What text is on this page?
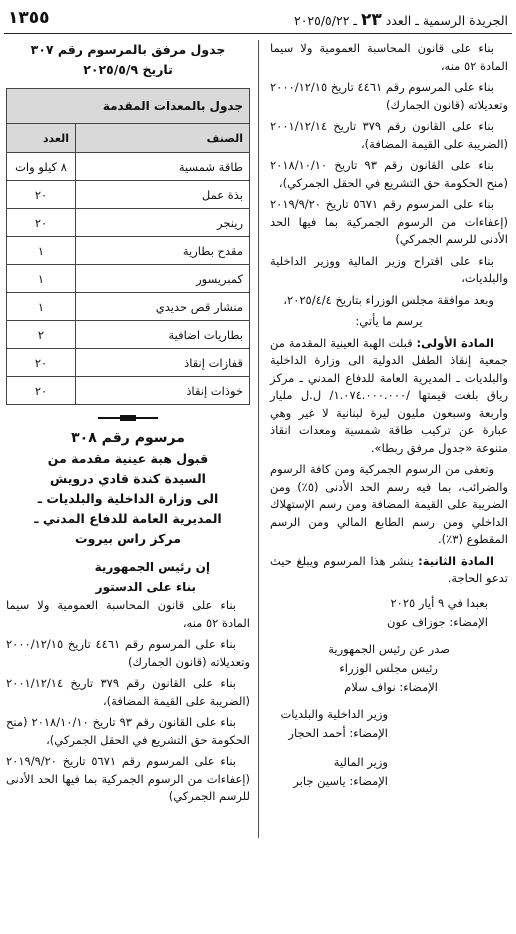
الجريدة الرسمية ـ العدد ٢٣ ـ ٢٠٢٥/٥/٢٢
١٣٥٥

بناء على قانون المحاسبة العمومية ولا سيما المادة ٥٢ منه،

بناء على المرسوم رقم ٤٤٦١ تاريخ ٢٠٠٠/١٢/١٥ وتعديلاته (قانون الجمارك)

بناء على القانون رقم ٣٧٩ تاريخ ٢٠٠١/١٢/١٤ (الضريبة على القيمة المضافة)،

بناء على القانون رقم ٩٣ تاريخ ٢٠١٨/١٠/١٠ (منح الحكومة حق التشريع في الحقل الجمركي)،

بناء على المرسوم رقم ٥٦٧١ تاريخ ٢٠١٩/٩/٢٠ (إعفاءات من الرسوم الجمركية بما فيها الحد الأدنى للرسم الجمركي)

بناء على اقتراح وزير المالية ووزير الداخلية والبلديات،

وبعد موافقة مجلس الوزراء بتاريخ ٢٠٢٥/٤/٤،

يرسم ما يأتي:

المادة الأولى: قبلت الهبة العينية المقدمة من جمعية إنقاذ الطفل الدولية الى وزارة الداخلية والبلديات ـ المديرية العامة للدفاع المدني ـ مركز رياق بلغت قيمتها /١.٠٧٤.٠٠٠.٠٠٠/ ل.ل مليار واربعة وسبعون مليون ليرة لبنانية لا غير وهي عبارة عن تركيب طاقة شمسية ومعدات انقاذ متنوعة «جدول مرفق ربطا».

وتعفى من الرسوم الجمركية ومن كافة الرسوم والضرائب، بما فيه رسم الحد الأدنى (٥٪) ومن الضريبة على القيمة المضافة ومن رسم الإستهلاك الداخلي ومن رسم الطابع المالي ومن الرسم المقطوع (٣٪).

المادة الثانية: ينشر هذا المرسوم ويبلغ حيث تدعو الحاجة.

بعبدا في ٩ أيار ٢٠٢٥
الإمضاء: جوزاف عون
صدر عن رئيس الجمهورية
رئيس مجلس الوزراء
الإمضاء: نواف سلام
وزير الداخلية والبلديات
الإمضاء: أحمد الحجار
وزير المالية
الإمضاء: ياسين جابر
جدول مرفق بالمرسوم رقم ٣٠٧
تاريخ ٢٠٢٥/٥/٩
جدول بالمعدات المقدمة	
الصنف	العدد
طاقة شمسية	٨ كيلو وات
بذة عمل	٢٠
رينجر	٢٠
مقدح بطارية	١
كمبريسور	١
منشار قص حديدي	١
بطاريات اضافية	٢
قفازات إنقاذ	٢٠
خوذات إنقاذ	٢٠
مرسوم رقم ٣٠٨
قبول هبة عينية مقدمة من
السيدة كندة قادي درويش
الى وزارة الداخلية والبلديات ـ
المديرية العامة للدفاع المدني ـ
مركز راس بيروت
إن رئيس الجمهورية
بناء على الدستور

بناء على قانون المحاسبة العمومية ولا سيما المادة ٥٢ منه،

بناء على المرسوم رقم ٤٤٦١ تاريخ ٢٠٠٠/١٢/١٥ وتعديلاته (قانون الجمارك)

بناء على القانون رقم ٣٧٩ تاريخ ٢٠٠١/١٢/١٤ (الضريبة على القيمة المضافة)،

بناء على القانون رقم ٩٣ تاريخ ٢٠١٨/١٠/١٠ (منح الحكومة حق التشريع في الحقل الجمركي)،

بناء على المرسوم رقم ٥٦٧١ تاريخ ٢٠١٩/٩/٢٠ (إعفاءات من الرسوم الجمركية بما فيها الحد الأدنى للرسم الجمركي)
